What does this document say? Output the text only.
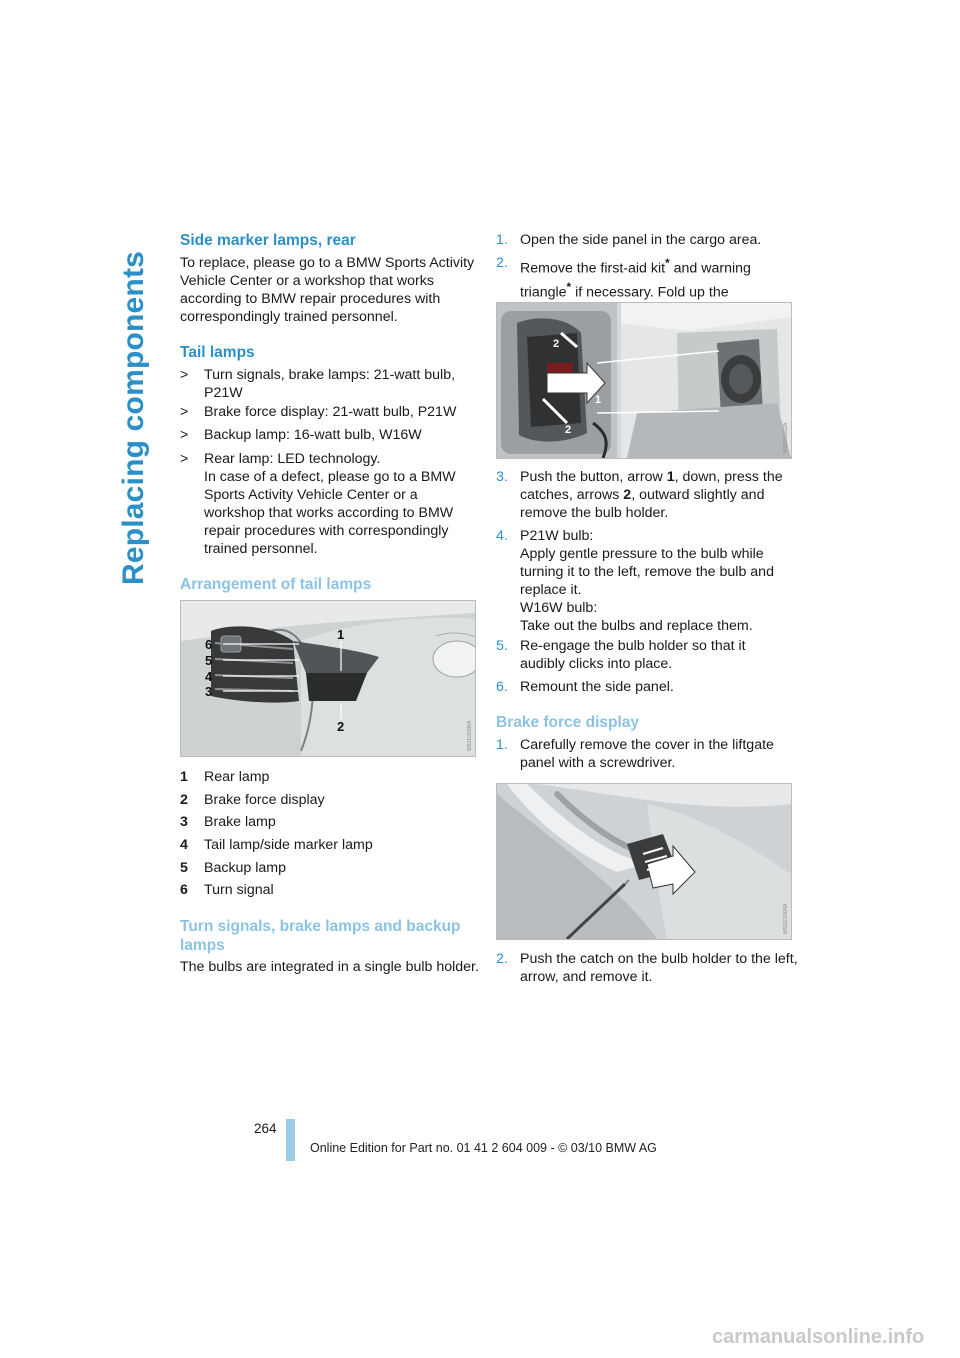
Replacing components
Side marker lamps, rear
To replace, please go to a BMW Sports Activity Vehicle Center or a workshop that works according to BMW repair procedures with correspondingly trained personnel.
Tail lamps
> Turn signals, brake lamps: 21-watt bulb, P21W
> Brake force display: 21-watt bulb, P21W
> Backup lamp: 16-watt bulb, W16W
> Rear lamp: LED technology.
In case of a defect, please go to a BMW Sports Activity Vehicle Center or a workshop that works according to BMW repair procedures with correspondingly trained personnel.
Arrangement of tail lamps
6
5
4
3
1
2	W52101008A
1 Rear lamp
2 Brake force display
3 Brake lamp
4 Tail lamp/side marker lamp
5 Backup lamp
6 Turn signal
Turn signals, brake lamps and backup lamps
The bulbs are integrated in a single bulb holder.
1. Open the side panel in the cargo area.
2. Remove the first-aid kit* and warning triangle* if necessary. Fold up the
2
1
2	W52101012A
3. Push the button, arrow 1, down, press the catches, arrows 2, outward slightly and remove the bulb holder.
4. P21W bulb:
Apply gentle pressure to the bulb while turning it to the left, remove the bulb and replace it.
W16W bulb:
Take out the bulbs and replace them.
5. Re-engage the bulb holder so that it audibly clicks into place.
6. Remount the side panel.
Brake force display
1. Carefully remove the cover in the liftgate panel with a screwdriver.
W52101005A
2. Push the catch on the bulb holder to the left, arrow, and remove it.
264
Online Edition for Part no. 01 41 2 604 009 - © 03/10 BMW AG
carmanualsonline.info
